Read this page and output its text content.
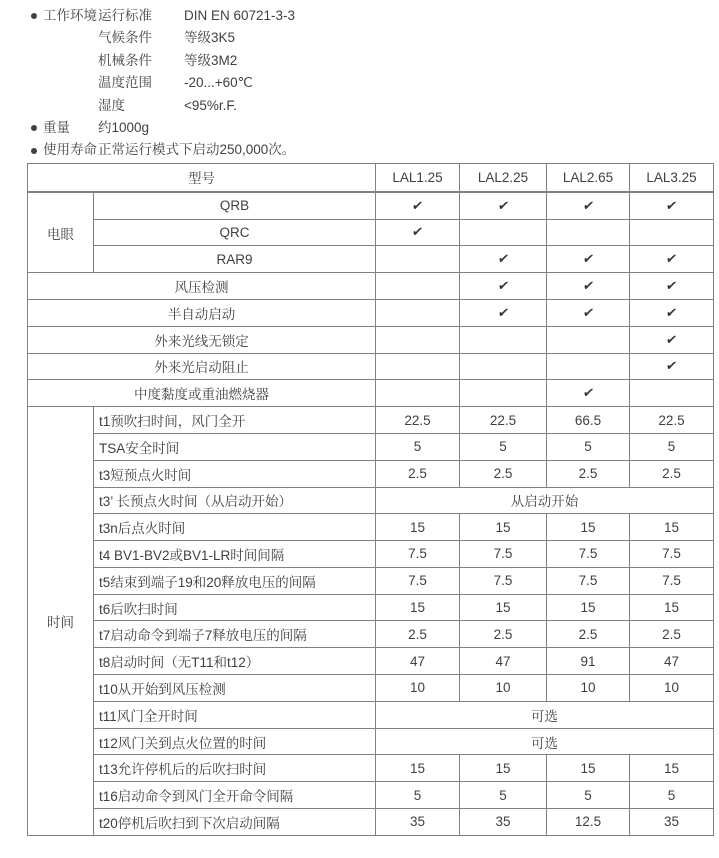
工作环境 运行标准	DIN EN 60721-3-3
气候条件	等级3K5
机械条件	等级3M2
温度范围	-20...+60℃
湿度	<95%r.F.
重量	约1000g
使用寿命 正常运行模式下启动250,000次。
型号		LAL1.25	LAL2.25	LAL2.65	LAL3.25
电眼	QRB	✔	✔	✔	✔
	QRC	✔			
	RAR9		✔	✔	✔
风压检测			✔	✔	✔
半自动启动			✔	✔	✔
外来光线无锁定					✔
外来光启动阻止					✔
中度黏度或重油燃烧器				✔	
时间	t1预吹扫时间，风门全开	22.5	22.5	66.5	22.5
	TSA安全时间	5	5	5	5
	t3短预点火时间	2.5	2.5	2.5	2.5
	t3’ 长预点火时间（从启动开始）	从启动开始			
	t3n后点火时间	15	15	15	15
	t4 BV1-BV2或BV1-LR时间间隔	7.5	7.5	7.5	7.5
	t5结束到端子19和20释放电压的间隔	7.5	7.5	7.5	7.5
	t6后吹扫时间	15	15	15	15
	t7启动命令到端子7释放电压的间隔	2.5	2.5	2.5	2.5
	t8启动时间（无T11和t12）	47	47	91	47
	t10从开始到风压检测	10	10	10	10
	t11风门全开时间	可选			
	t12风门关到点火位置的时间	可选			
	t13允许停机后的后吹扫时间	15	15	15	15
	t16启动命令到风门全开命令间隔	5	5	5	5
	t20停机后吹扫到下次启动间隔	35	35	12.5	35
